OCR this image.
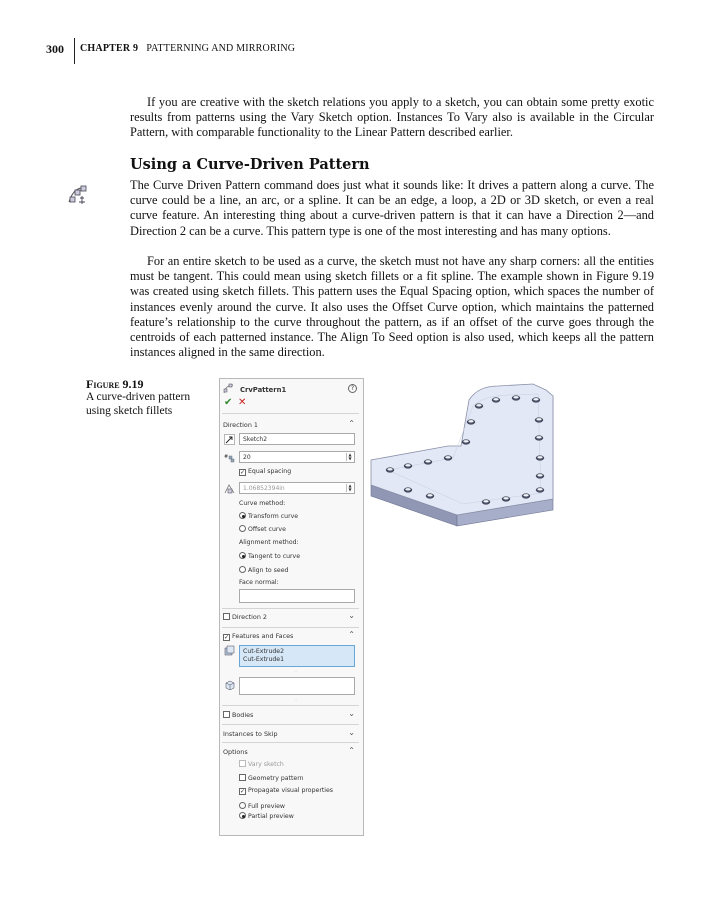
300 CHAPTER 9 PATTERNING AND MIRRORING

If you are creative with the sketch relations you apply to a sketch, you can obtain some pretty exotic results from patterns using the Vary Sketch option. Instances To Vary also is available in the Circular Pattern, with comparable functionality to the Linear Pattern described earlier.

Using a Curve-Driven Pattern

The Curve Driven Pattern command does just what it sounds like: It drives a pattern along a curve. The curve could be a line, an arc, or a spline. It can be an edge, a loop, a 2D or 3D sketch, or even a real curve feature. An interesting thing about a curve-driven pattern is that it can have a Direction 2—and Direction 2 can be a curve. This pattern type is one of the most interesting and has many options.

For an entire sketch to be used as a curve, the sketch must not have any sharp corners: all the entities must be tangent. This could mean using sketch fillets or a fit spline. The example shown in Figure 9.19 was created using sketch fillets. This pattern uses the Equal Spacing option, which spaces the number of instances evenly around the curve. It also uses the Offset Curve option, which maintains the patterned feature’s relationship to the curve throughout the pattern, as if an offset of the curve goes through the centroids of each patterned instance. The Align To Seed option is also used, which keeps all the pattern instances aligned in the same direction.

Figure 9.19
A curve-driven pattern using sketch fillets
CrvPattern1	?
✔ ✕
Direction 1	⌃
Sketch2
#	20	▲
▼
✓ Equal spacing
1.06852394in	▲
▼
Curve method:
Transform curve
Offset curve
Alignment method:
Tangent to curve
Align to seed
Face normal:
Direction 2	⌄
✓ Features and Faces	⌃
Cut-Extrude2
Cut-Extrude1
◦
◦
Bodies	⌄
Instances to Skip	⌄
Options	⌃
Vary sketch
Geometry pattern
✓ Propagate visual properties
Full preview
Partial preview
